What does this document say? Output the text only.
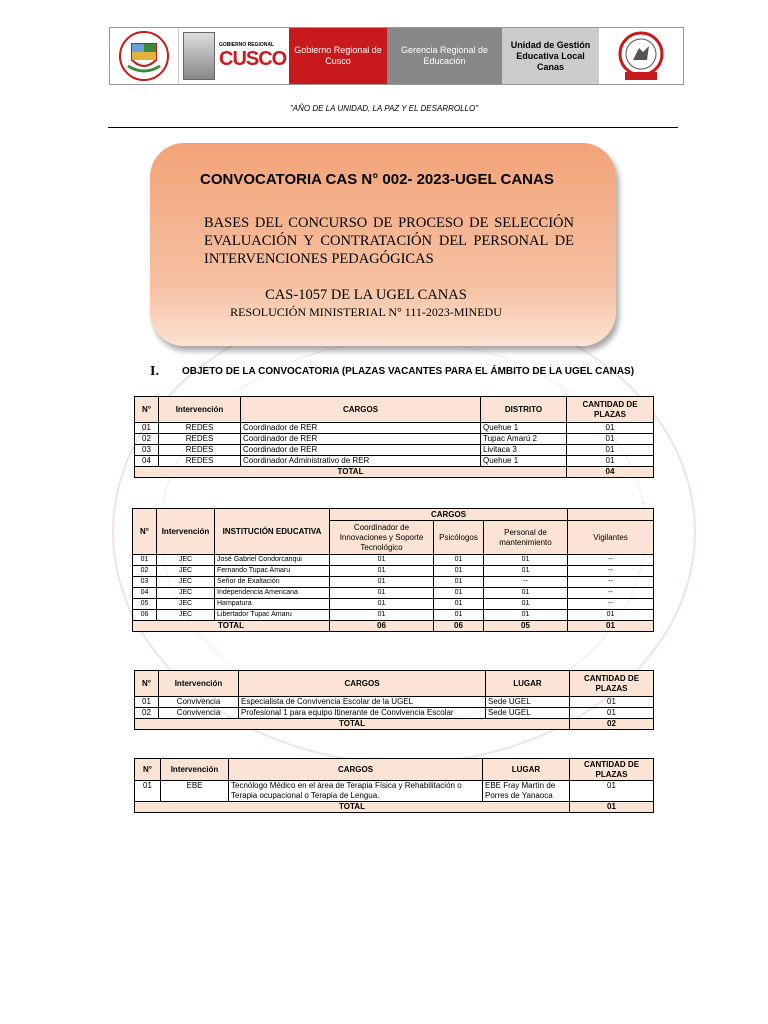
GOBIERNO REGIONAL
CUSCO Gobierno Regional de Cusco
Gerencia Regional de Educación
Unidad de Gestión Educativa Local Canas
"AÑO DE LA UNIDAD, LA PAZ Y EL DESARROLLO"
CONVOCATORIA CAS N° 002- 2023-UGEL CANAS
BASES DEL CONCURSO DE PROCESO DE SELECCIÓN EVALUACIÓN Y CONTRATACIÓN DEL PERSONAL DE INTERVENCIONES PEDAGÓGICAS
CAS-1057 DE LA UGEL CANAS
RESOLUCIÓN MINISTERIAL N° 111-2023-MINEDU
I. OBJETO DE LA CONVOCATORIA (PLAZAS VACANTES PARA EL ÁMBITO DE LA UGEL CANAS)
N°	Intervención	CARGOS	DISTRITO	CANTIDAD DE PLAZAS
01	REDES	Coordinador de RER	Quehue 1	01
02	REDES	Coordinador de RER	Tupac Amarú 2	01
03	REDES	Coordinador de RER	Livitaca 3	01
04	REDES	Coordinador Administrativo de RER	Quehue 1	01
TOTAL				04
N°	Intervención	INSTITUCIÓN EDUCATIVA	CARGOS			
			Coordinador de Innovaciones y Soporte Tecnológico	Psicólogos	Personal de mantenimiento	Vigilantes
01	JEC	José Gabriel Condorcanqui	01	01	01	--
02	JEC	Fernando Tupac Amaru	01	01	01	--
03	JEC	Señor de Exaltación	01	01	--	--
04	JEC	Independencia Americana	01	01	01	--
05	JEC	Hampatura	01	01	01	--
06	JEC	Libertador Tupac Amaru	01	01	01	01
TOTAL			06	06	05	01
N°	Intervención	CARGOS	LUGAR	CANTIDAD DE PLAZAS
01	Convivencia	Especialista de Convivencia Escolar de la UGEL	Sede UGEL	01
02	Convivencia	Profesional 1 para equipo Itinerante de Convivencia Escolar	Sede UGEL	01
TOTAL				02
N°	Intervención	CARGOS	LUGAR	CANTIDAD DE PLAZAS
01	EBE	Tecnólogo Médico en el área de Terapia Física y Rehabilitación o Terapia ocupacional o Terapia de Lengua.	EBE Fray Martín de Porres de Yanaoca	01
TOTAL				01
